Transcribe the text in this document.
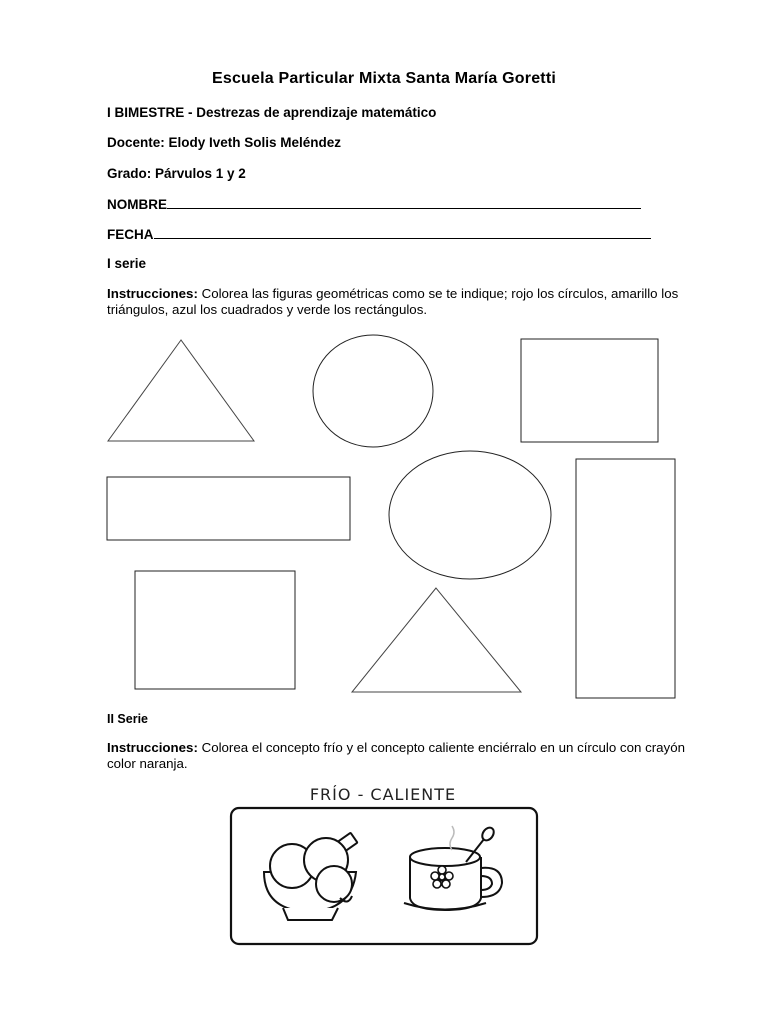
Escuela Particular Mixta Santa María Goretti
I BIMESTRE - Destrezas de aprendizaje matemático
Docente: Elody Iveth Solis Meléndez
Grado: Párvulos 1 y 2
NOMBRE
FECHA
I serie
Instrucciones: Colorea las figuras geométricas como se te indique; rojo los círculos, amarillo los triángulos, azul los cuadrados y verde los rectángulos.
FRÍO - CALIENTE
II Serie
Instrucciones: Colorea el concepto frío y el concepto caliente enciérralo en un círculo con crayón color naranja.
